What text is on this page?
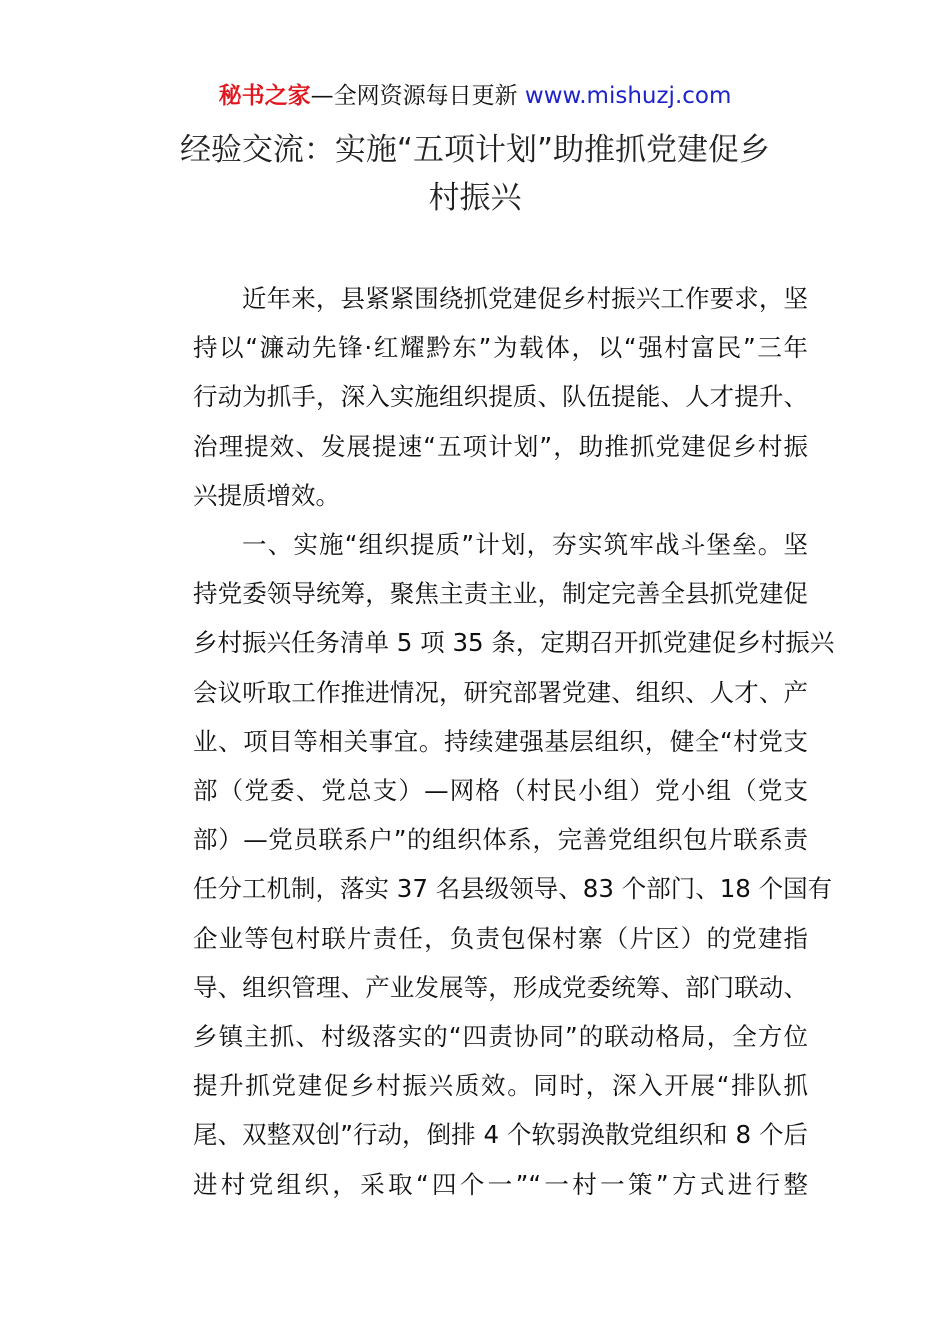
秘书之家—全网资源每日更新 www.mishuzj.com
经验交流：实施“五项计划”助推抓党建促乡
村振兴
近年来，县紧紧围绕抓党建促乡村振兴工作要求，坚
持以“濂动先锋·红耀黔东”为载体，以“强村富民”三年
行动为抓手，深入实施组织提质、队伍提能、人才提升、
治理提效、发展提速“五项计划”，助推抓党建促乡村振
兴提质增效。
一、实施“组织提质”计划，夯实筑牢战斗堡垒。坚
持党委领导统筹，聚焦主责主业，制定完善全县抓党建促
乡村振兴任务清单 5 项 35 条，定期召开抓党建促乡村振兴
会议听取工作推进情况，研究部署党建、组织、人才、产
业、项目等相关事宜。持续建强基层组织，健全“村党支
部（党委、党总支）—网格（村民小组）党小组（党支
部）—党员联系户”的组织体系，完善党组织包片联系责
任分工机制，落实 37 名县级领导、83 个部门、18 个国有
企业等包村联片责任，负责包保村寨（片区）的党建指
导、组织管理、产业发展等，形成党委统筹、部门联动、
乡镇主抓、村级落实的“四责协同”的联动格局，全方位
提升抓党建促乡村振兴质效。同时，深入开展“排队抓
尾、双整双创”行动，倒排 4 个软弱涣散党组织和 8 个后
进村党组织，采取“四个一”“一村一策”方式进行整
